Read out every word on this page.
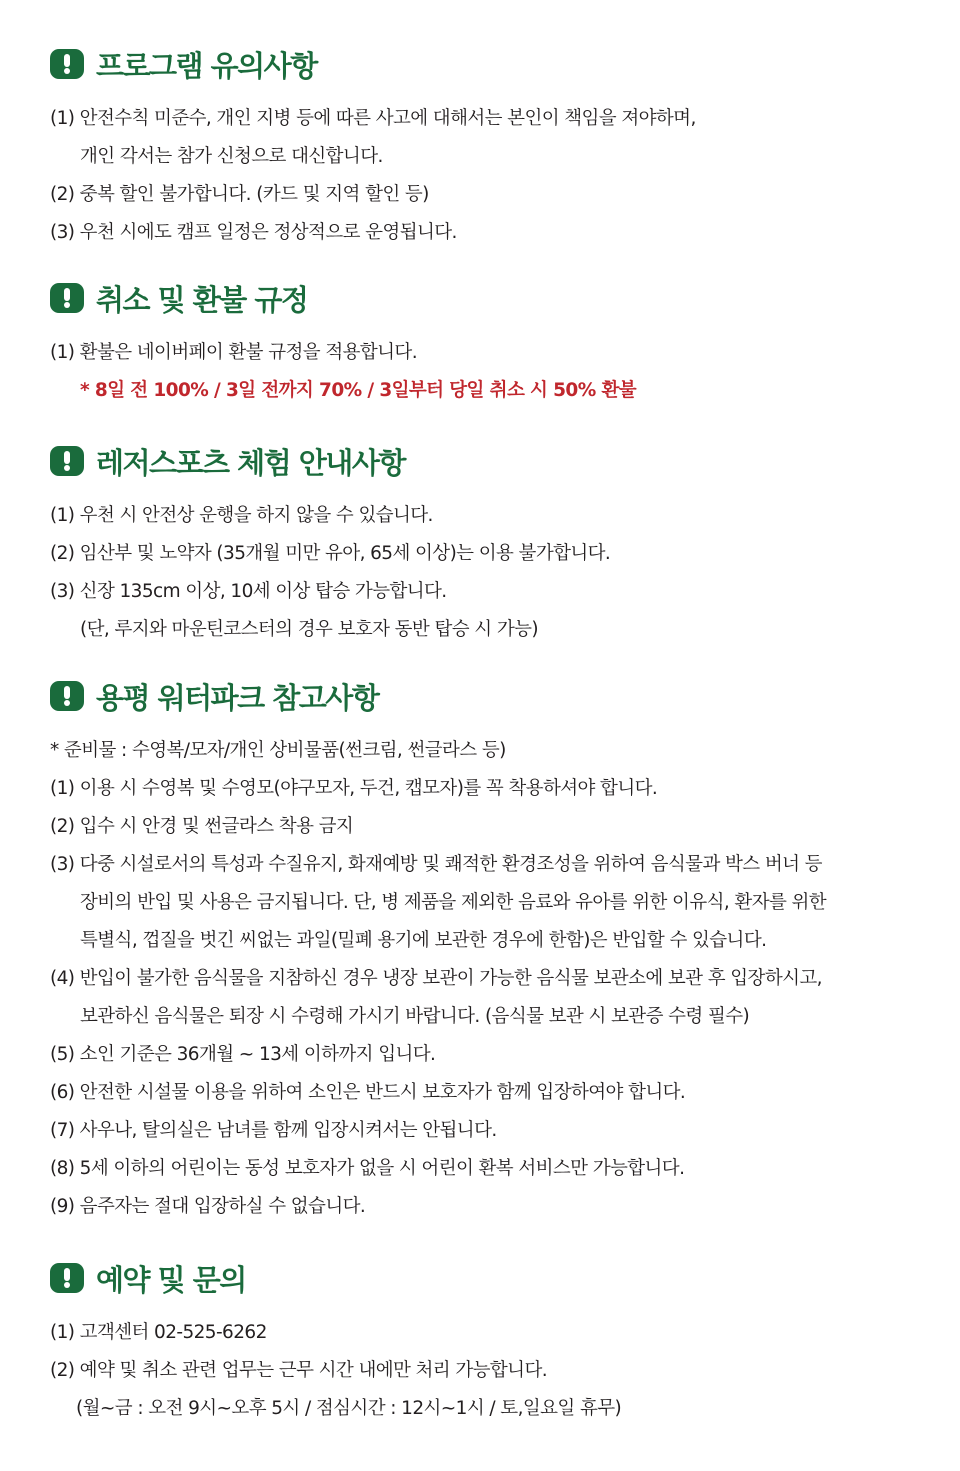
프로그램 유의사항
(1) 안전수칙 미준수, 개인 지병 등에 따른 사고에 대해서는 본인이 책임을 져야하며,
개인 각서는 참가 신청으로 대신합니다.
(2) 중복 할인 불가합니다. (카드 및 지역 할인 등)
(3) 우천 시에도 캠프 일정은 정상적으로 운영됩니다.
취소 및 환불 규정
(1) 환불은 네이버페이 환불 규정을 적용합니다.
* 8일 전 100% / 3일 전까지 70% / 3일부터 당일 취소 시 50% 환불
레저스포츠 체험 안내사항
(1) 우천 시 안전상 운행을 하지 않을 수 있습니다.
(2) 임산부 및 노약자 (35개월 미만 유아, 65세 이상)는 이용 불가합니다.
(3) 신장 135cm 이상, 10세 이상 탑승 가능합니다.
(단, 루지와 마운틴코스터의 경우 보호자 동반 탑승 시 가능)
용평 워터파크 참고사항
* 준비물 : 수영복/모자/개인 상비물품(썬크림, 썬글라스 등)
(1) 이용 시 수영복 및 수영모(야구모자, 두건, 캡모자)를 꼭 착용하셔야 합니다.
(2) 입수 시 안경 및 썬글라스 착용 금지
(3) 다중 시설로서의 특성과 수질유지, 화재예방 및 쾌적한 환경조성을 위하여 음식물과 박스 버너 등
장비의 반입 및 사용은 금지됩니다. 단, 병 제품을 제외한 음료와 유아를 위한 이유식, 환자를 위한
특별식, 껍질을 벗긴 씨없는 과일(밀폐 용기에 보관한 경우에 한함)은 반입할 수 있습니다.
(4) 반입이 불가한 음식물을 지참하신 경우 냉장 보관이 가능한 음식물 보관소에 보관 후 입장하시고,
보관하신 음식물은 퇴장 시 수령해 가시기 바랍니다. (음식물 보관 시 보관증 수령 필수)
(5) 소인 기준은 36개월 ~ 13세 이하까지 입니다.
(6) 안전한 시설물 이용을 위하여 소인은 반드시 보호자가 함께 입장하여야 합니다.
(7) 사우나, 탈의실은 남녀를 함께 입장시켜서는 안됩니다.
(8) 5세 이하의 어린이는 동성 보호자가 없을 시 어린이 환복 서비스만 가능합니다.
(9) 음주자는 절대 입장하실 수 없습니다.
예약 및 문의
(1) 고객센터 02-525-6262
(2) 예약 및 취소 관련 업무는 근무 시간 내에만 처리 가능합니다.
(월~금 : 오전 9시~오후 5시 / 점심시간 : 12시~1시 / 토,일요일 휴무)
